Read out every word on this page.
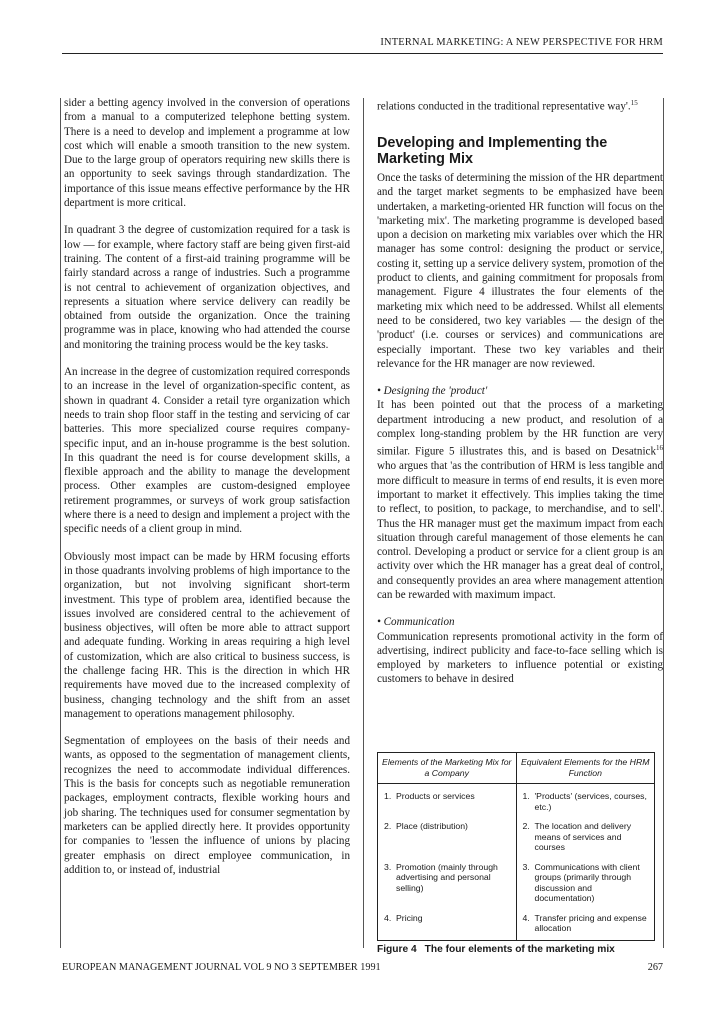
INTERNAL MARKETING: A NEW PERSPECTIVE FOR HRM

sider a betting agency involved in the conversion of operations from a manual to a computerized telephone betting system. There is a need to develop and implement a programme at low cost which will enable a smooth transition to the new system. Due to the large group of operators requiring new skills there is an opportunity to seek savings through standardization. The importance of this issue means effective performance by the HR department is more critical.

In quadrant 3 the degree of customization required for a task is low — for example, where factory staff are being given first-aid training. The content of a first-aid training programme will be fairly standard across a range of industries. Such a programme is not central to achievement of organization objectives, and represents a situation where service delivery can readily be obtained from outside the organization. Once the training programme was in place, knowing who had attended the course and monitoring the training process would be the key tasks.

An increase in the degree of customization required corresponds to an increase in the level of organization-specific content, as shown in quadrant 4. Consider a retail tyre organization which needs to train shop floor staff in the testing and servicing of car batteries. This more specialized course requires company-specific input, and an in-house programme is the best solution. In this quadrant the need is for course development skills, a flexible approach and the ability to manage the development process. Other examples are custom-designed employee retirement programmes, or surveys of work group satisfaction where there is a need to design and implement a project with the specific needs of a client group in mind.

Obviously most impact can be made by HRM focusing efforts in those quadrants involving problems of high importance to the organization, but not involving significant short-term investment. This type of problem area, identified because the issues involved are considered central to the achievement of business objectives, will often be more able to attract support and adequate funding. Working in areas requiring a high level of customization, which are also critical to business success, is the challenge facing HR. This is the direction in which HR requirements have moved due to the increased complexity of business, changing technology and the shift from an asset management to operations management philosophy.

Segmentation of employees on the basis of their needs and wants, as opposed to the segmentation of management clients, recognizes the need to accommodate individual differences. This is the basis for concepts such as negotiable remuneration packages, employment contracts, flexible working hours and job sharing. The techniques used for consumer segmentation by marketers can be applied directly here. It provides opportunity for companies to 'lessen the influence of unions by placing greater emphasis on direct employee communication, in addition to, or instead of, industrial

relations conducted in the traditional representative way'.$^{15}$

Developing and Implementing the Marketing Mix

Once the tasks of determining the mission of the HR department and the target market segments to be emphasized have been undertaken, a marketing-oriented HR function will focus on the 'marketing mix'. The marketing programme is developed based upon a decision on marketing mix variables over which the HR manager has some control: designing the product or service, costing it, setting up a service delivery system, promotion of the product to clients, and gaining commitment for proposals from management. Figure 4 illustrates the four elements of the marketing mix which need to be addressed. Whilst all elements need to be considered, two key variables — the design of the 'product' (i.e. courses or services) and communications are especially important. These two key variables and their relevance for the HR manager are now reviewed.

• Designing the 'product'

It has been pointed out that the process of a marketing department introducing a new product, and resolution of a complex long-standing problem by the HR function are very similar. Figure 5 illustrates this, and is based on Desatnick$^{16}$ who argues that 'as the contribution of HRM is less tangible and more difficult to measure in terms of end results, it is even more important to market it effectively. This implies taking the time to reflect, to position, to package, to merchandise, and to sell'. Thus the HR manager must get the maximum impact from each situation through careful management of those elements he can control. Developing a product or service for a client group is an activity over which the HR manager has a great deal of control, and consequently provides an area where management attention can be rewarded with maximum impact.

• Communication

Communication represents promotional activity in the form of advertising, indirect publicity and face-to-face selling which is employed by marketers to influence potential or existing customers to behave in desired

Elements of the Marketing Mix for a Company	Equivalent Elements for the HRM Function

1. Products or services	1. 'Products' (services, courses, etc.)

2. Place (distribution)	2. The location and delivery means of services and courses

3. Promotion (mainly through advertising and personal selling)	3. Communications with client groups (primarily through discussion and documentation)

4. Pricing	4. Transfer pricing and expense allocation
Figure 4 The four elements of the marketing mix
EUROPEAN MANAGEMENT JOURNAL VOL 9 NO 3 SEPTEMBER 1991	267
